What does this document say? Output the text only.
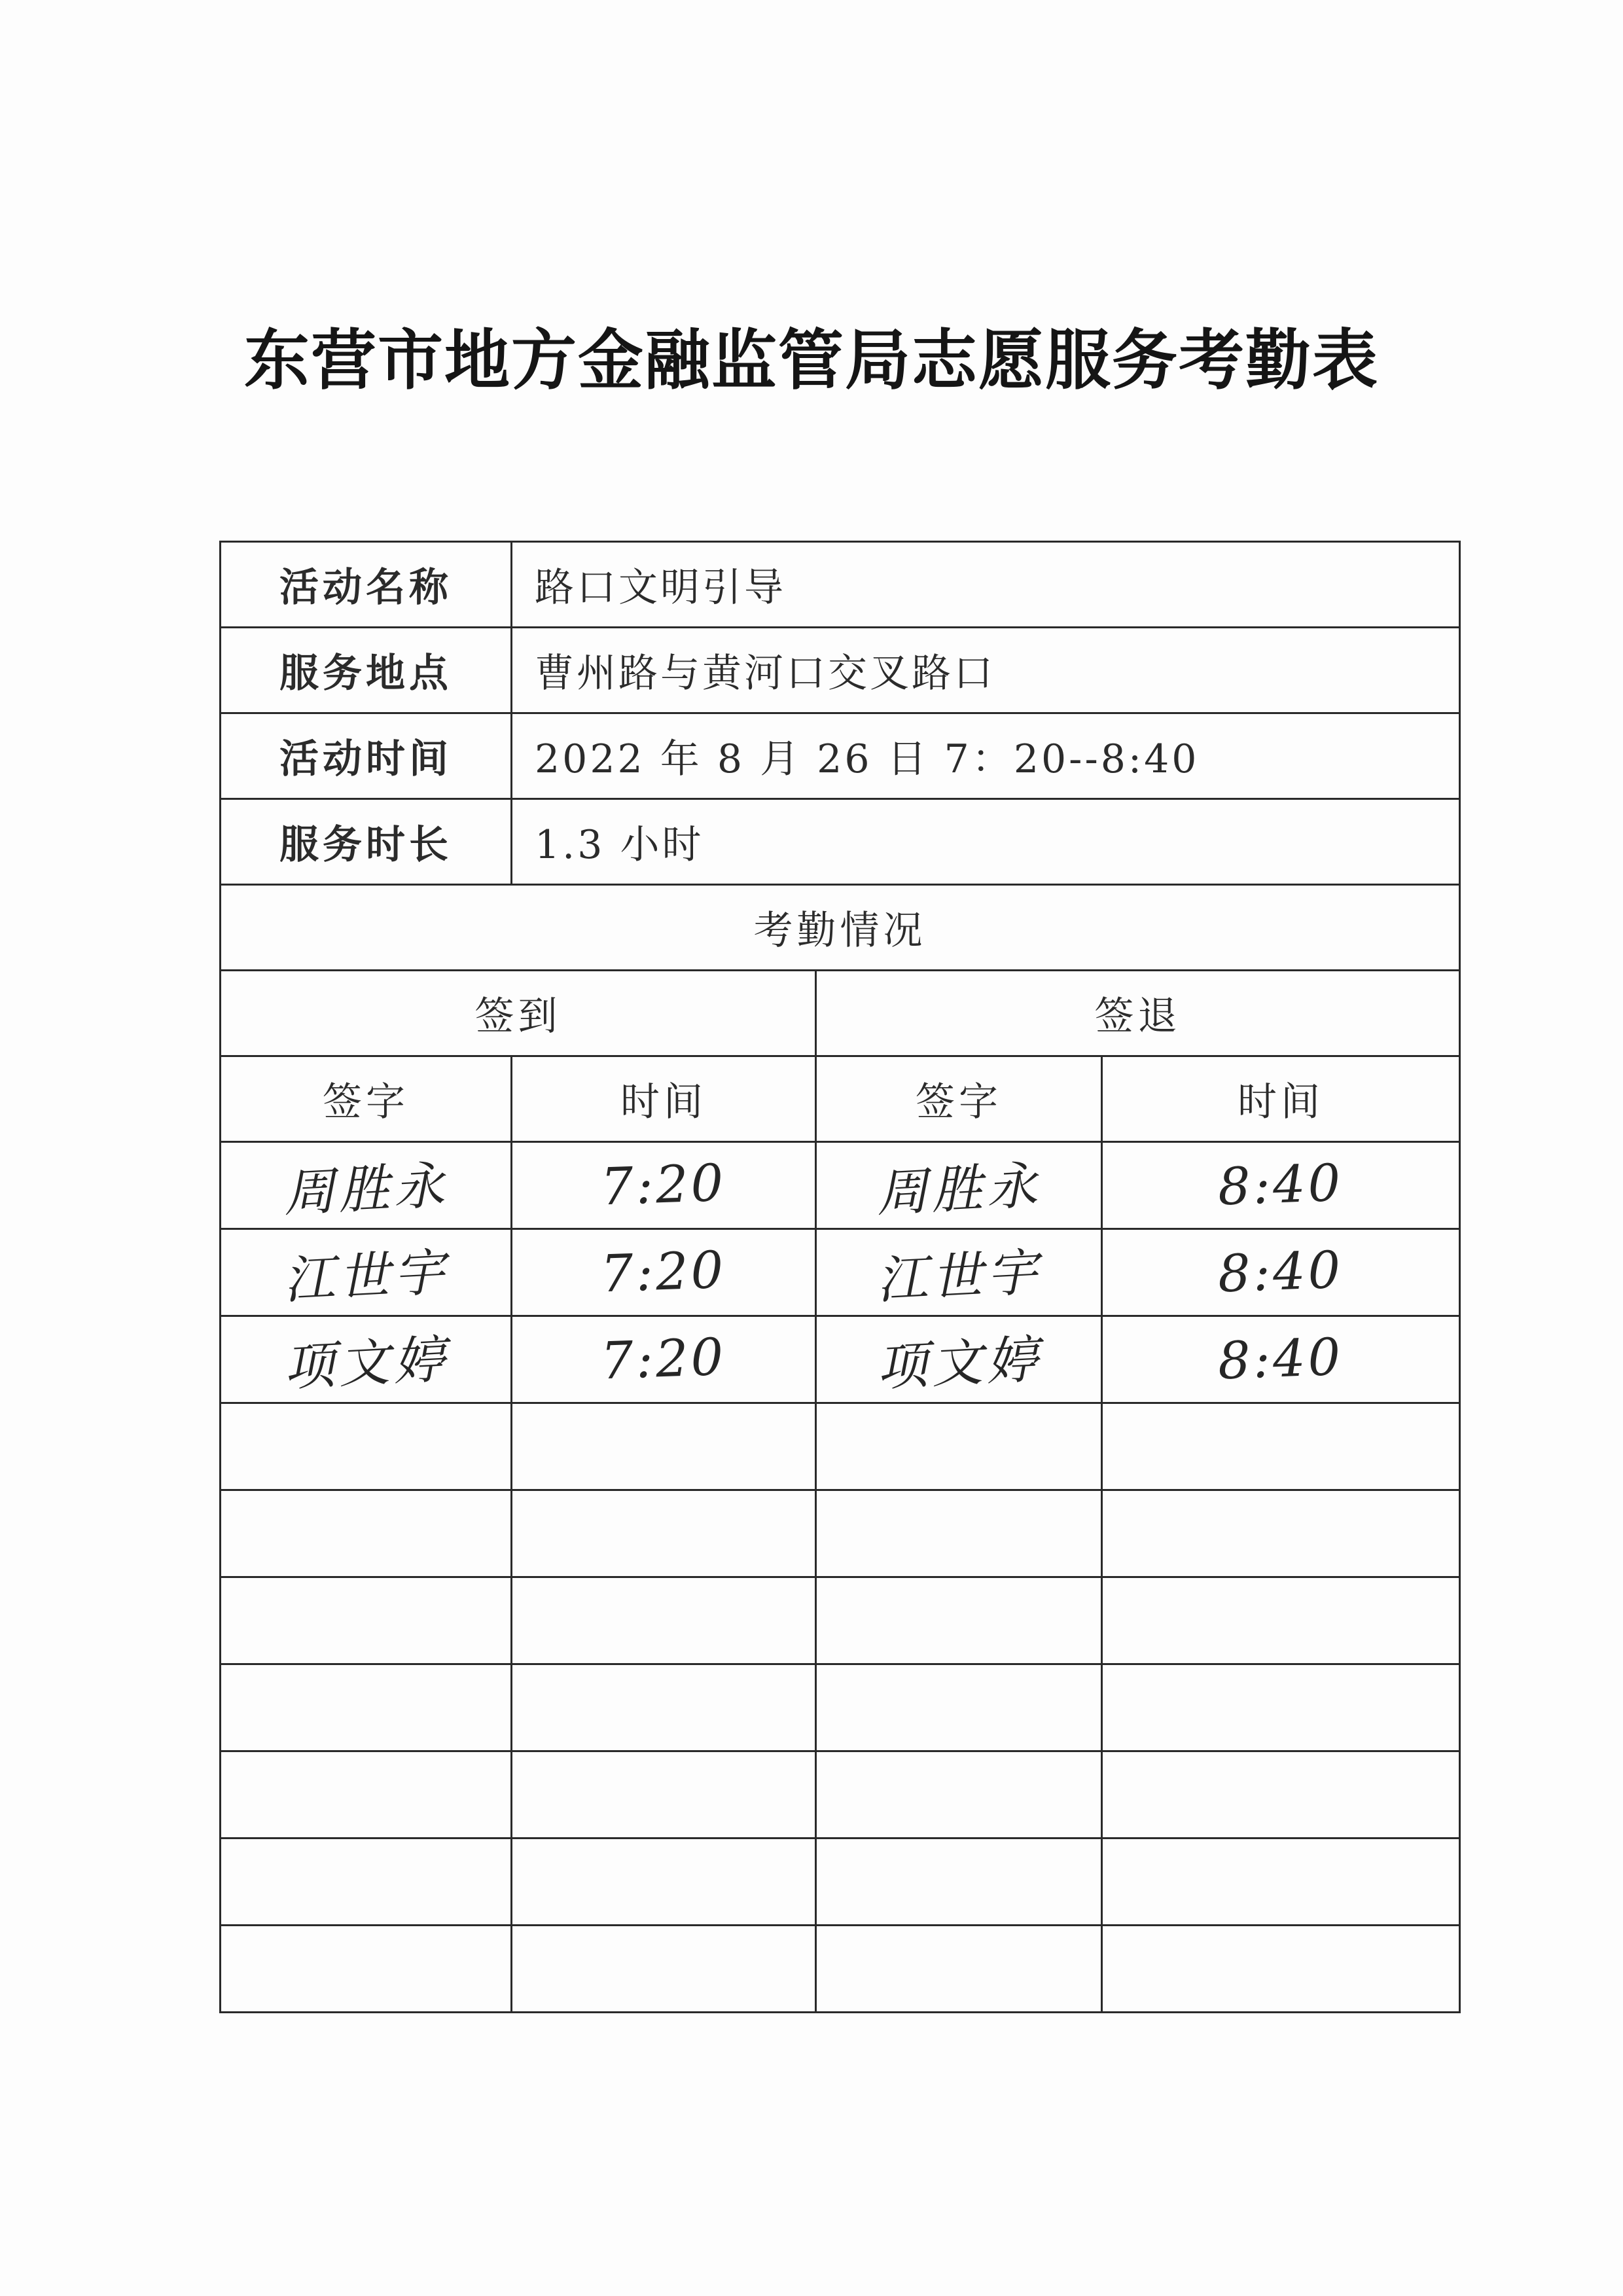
东营市地方金融监管局志愿服务考勤表
活动名称	路口文明引导		
服务地点	曹州路与黄河口交叉路口		
活动时间	2022 年 8 月 26 日 7：20--8:40		
服务时长	1.3 小时		
考勤情况			
签到		签退	
签字	时间	签字	时间
周胜永	7:20	周胜永	8:40
江世宇	7:20	江世宇	8:40
项文婷	7:20	项文婷	8:40
